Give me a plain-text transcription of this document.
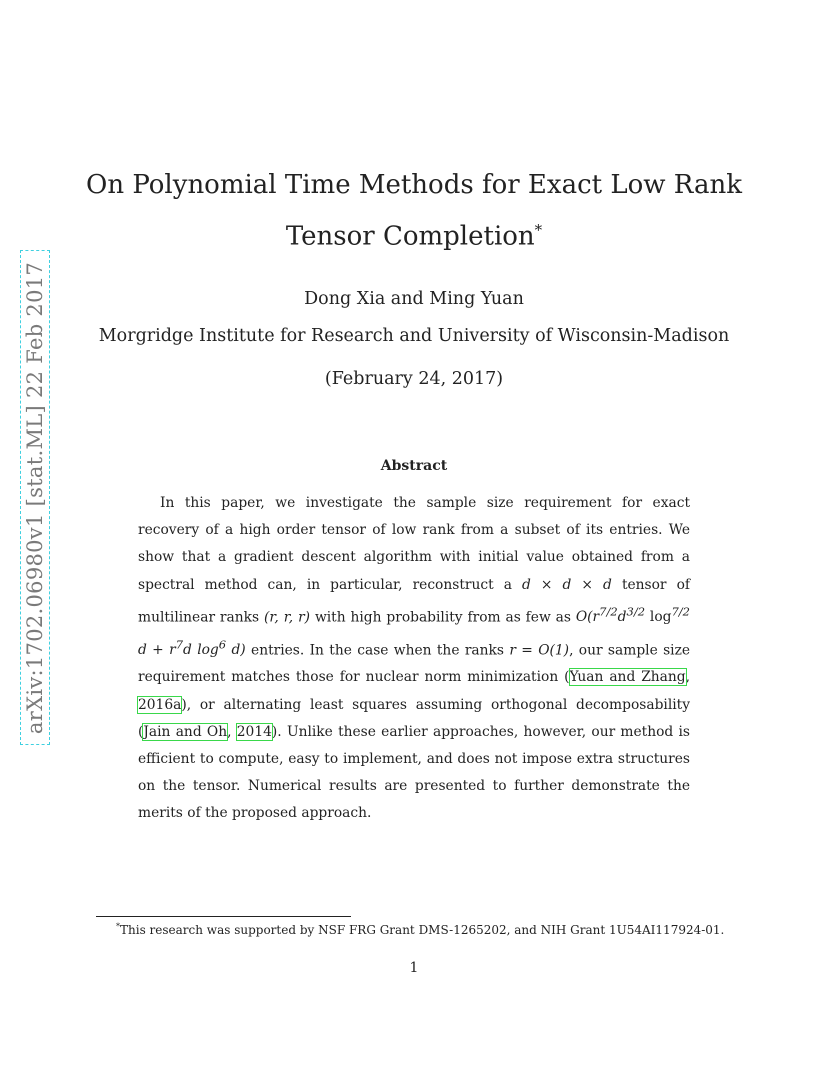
arXiv:1702.06980v1 [stat.ML] 22 Feb 2017
On Polynomial Time Methods for Exact Low Rank
Tensor Completion*
Dong Xia and Ming Yuan
Morgridge Institute for Research and University of Wisconsin-Madison
(February 24, 2017)
Abstract

In this paper, we investigate the sample size requirement for exact recovery of a high order tensor of low rank from a subset of its entries. We show that a gradient descent algorithm with initial value obtained from a spectral method can, in particular, reconstruct a d × d × d tensor of multilinear ranks (r, r, r) with high probability from as few as $O(r^{7/2}d^{3/2}$ $\log^{7/2} d + r^7d$ $\log^6 d$) entries. In the case when the ranks r = O(1), our sample size requirement matches those for nuclear norm minimization (Yuan and Zhang, 2016a), or alternating least squares assuming orthogonal decomposability (Jain and Oh, 2014). Unlike these earlier approaches, however, our method is efficient to compute, easy to implement, and does not impose extra structures on the tensor. Numerical results are presented to further demonstrate the merits of the proposed approach.

*This research was supported by NSF FRG Grant DMS-1265202, and NIH Grant 1U54AI117924-01.
1
